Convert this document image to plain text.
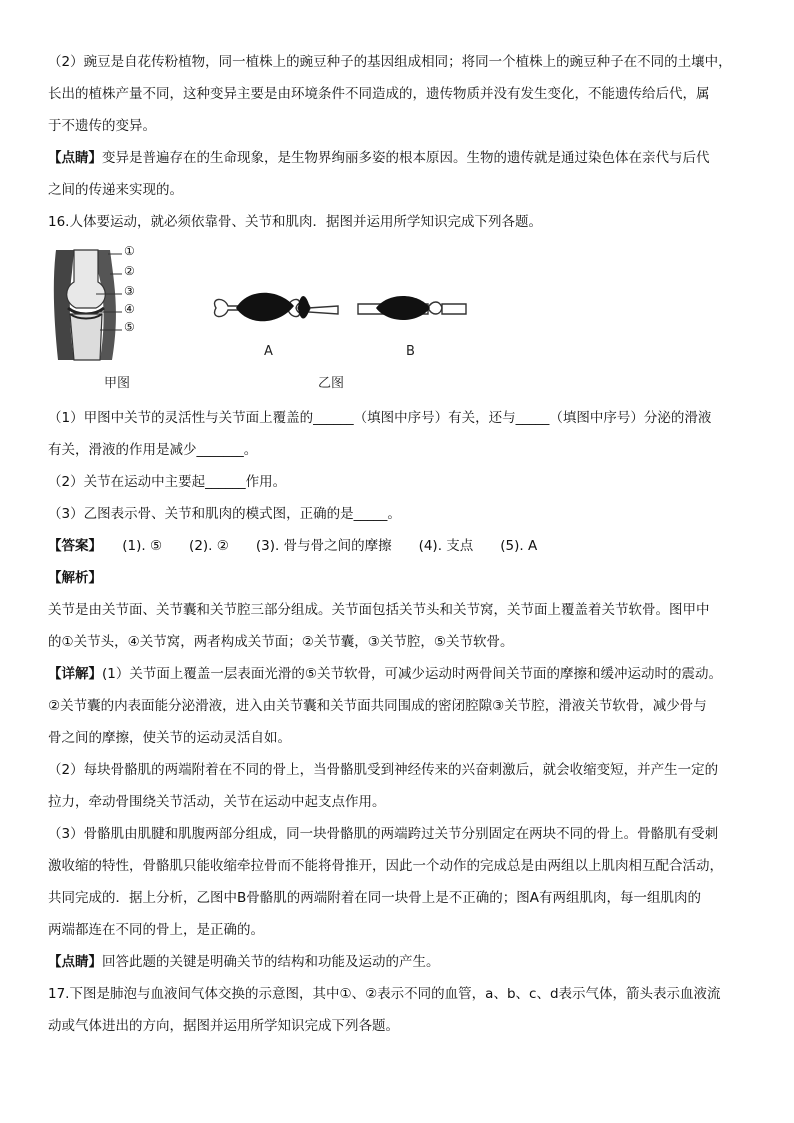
（2）豌豆是自花传粉植物，同一植株上的豌豆种子的基因组成相同；将同一个植株上的豌豆种子在不同的土壤中，
长出的植株产量不同，这种变异主要是由环境条件不同造成的，遗传物质并没有发生变化，不能遗传给后代，属
于不遗传的变异。
【点睛】变异是普遍存在的生命现象，是生物界绚丽多姿的根本原因。生物的遗传就是通过染色体在亲代与后代
之间的传递来实现的。
16.人体要运动，就必须依靠骨、关节和肌肉．据图并运用所学知识完成下列各题。
（1）甲图中关节的灵活性与关节面上覆盖的______（填图中序号）有关，还与_____（填图中序号）分泌的滑液
有关，滑液的作用是减少_______。
（2）关节在运动中主要起______作用。
（3）乙图表示骨、关节和肌肉的模式图，正确的是_____。
【答案】　　(1). ⑤　　(2). ②　　(3). 骨与骨之间的摩擦　　(4). 支点　　(5). A
【解析】
关节是由关节面、关节囊和关节腔三部分组成。关节面包括关节头和关节窝，关节面上覆盖着关节软骨。图甲中
的①关节头，④关节窝，两者构成关节面；②关节囊，③关节腔，⑤关节软骨。
【详解】(1）关节面上覆盖一层表面光滑的⑤关节软骨，可减少运动时两骨间关节面的摩擦和缓冲运动时的震动。
②关节囊的内表面能分泌滑液，进入由关节囊和关节面共同围成的密闭腔隙③关节腔，滑液关节软骨，减少骨与
骨之间的摩擦，使关节的运动灵活自如。
（2）每块骨骼肌的两端附着在不同的骨上，当骨骼肌受到神经传来的兴奋刺激后，就会收缩变短，并产生一定的
拉力，牵动骨围绕关节活动，关节在运动中起支点作用。
（3）骨骼肌由肌腱和肌腹两部分组成，同一块骨骼肌的两端跨过关节分别固定在两块不同的骨上。骨骼肌有受刺
激收缩的特性，骨骼肌只能收缩牵拉骨而不能将骨推开，因此一个动作的完成总是由两组以上肌肉相互配合活动，
共同完成的．据上分析，乙图中B骨骼肌的两端附着在同一块骨上是不正确的；图A有两组肌肉，每一组肌肉的
两端都连在不同的骨上，是正确的。
【点睛】回答此题的关键是明确关节的结构和功能及运动的产生。
17.下图是肺泡与血液间气体交换的示意图，其中①、②表示不同的血管，a、b、c、d表示气体，箭头表示血液流
动或气体进出的方向，据图并运用所学知识完成下列各题。
①
②
③
④
⑤
A	B
甲图	乙图
